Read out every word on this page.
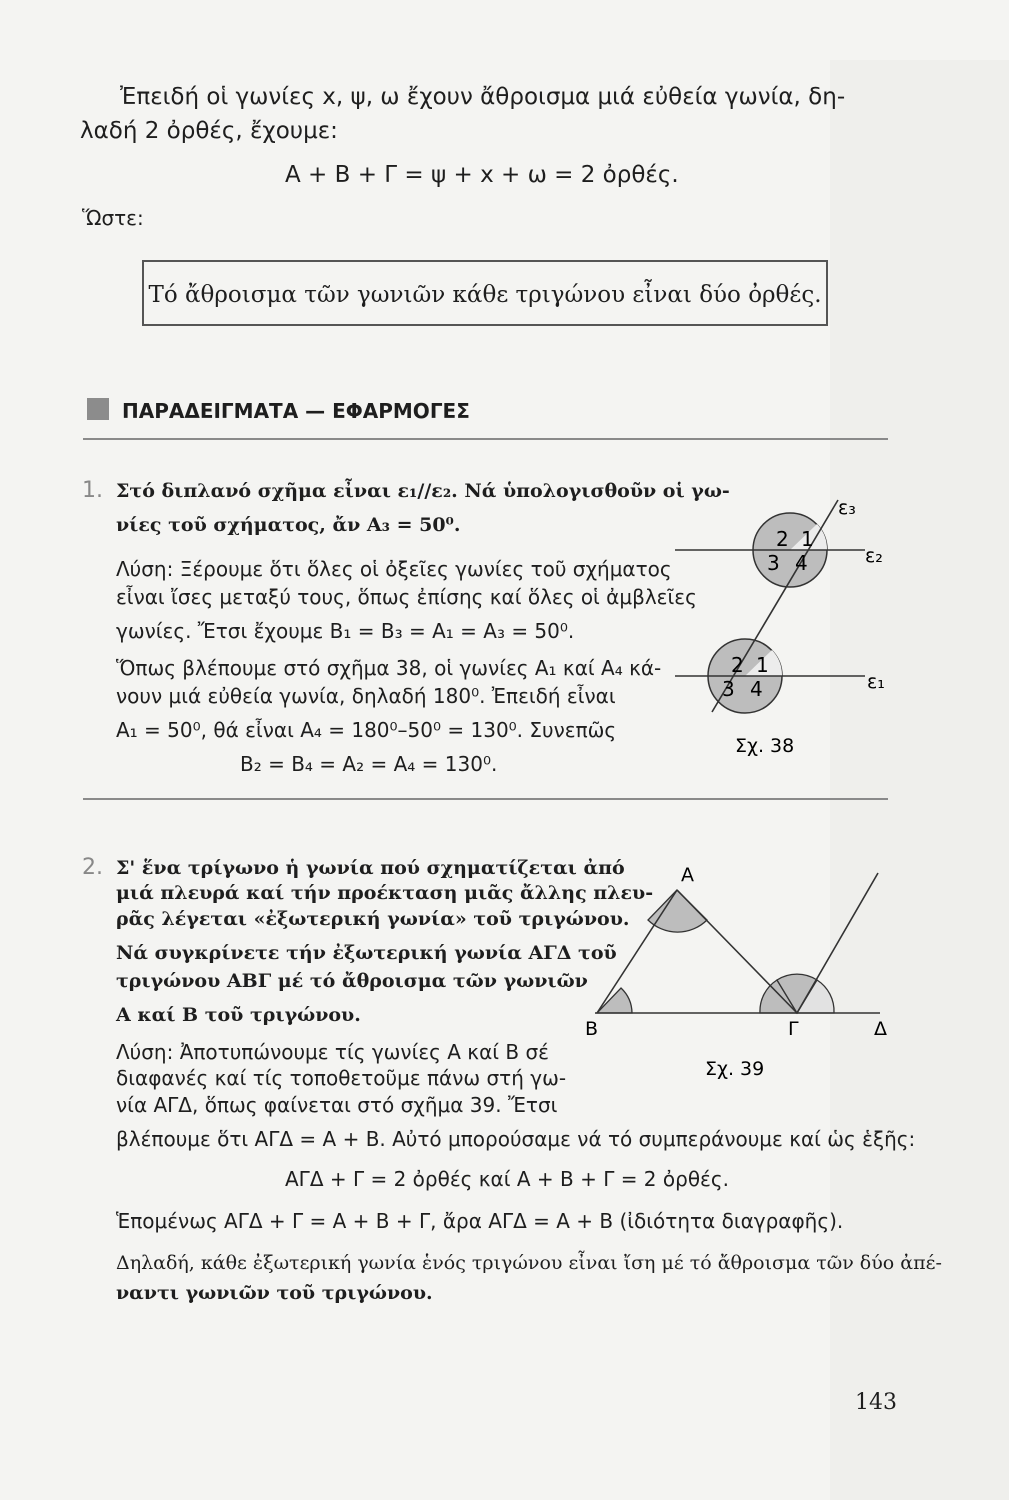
Ἐπειδή οἱ γωνίες x, ψ, ω ἔχουν ἄθροισμα μιά εὐθεία γωνία, δη-
λαδή 2 ὀρθές, ἔχουμε:
Α + Β + Γ = ψ + x + ω = 2 ὀρθές.
Ὥστε:
Τό ἄθροισμα τῶν γωνιῶν κάθε τριγώνου εἶναι δύο ὀρθές.
ΠΑΡΑΔΕΙΓΜΑΤΑ — ΕΦΑΡΜΟΓΕΣ
1. Στό διπλανό σχῆμα εἶναι ε₁//ε₂. Νά ὑπολογισθοῦν οἱ γω-
νίες τοῦ σχήματος, ἄν Α₃ = 50⁰.
Λύση: Ξέρουμε ὅτι ὅλες οἱ ὀξεῖες γωνίες τοῦ σχήματος
εἶναι ἴσες μεταξύ τους, ὅπως ἐπίσης καί ὅλες οἱ ἀμβλεῖες
γωνίες. Ἔτσι ἔχουμε Β₁ = Β₃ = Α₁ = Α₃ = 50⁰.
Ὅπως βλέπουμε στό σχῆμα 38, οἱ γωνίες Α₁ καί Α₄ κά-
νουν μιά εὐθεία γωνία, δηλαδή 180⁰. Ἐπειδή εἶναι
Α₁ = 50⁰, θά εἶναι Α₄ = 180⁰–50⁰ = 130⁰. Συνεπῶς
Β₂ = Β₄ = Α₂ = Α₄ = 130⁰.
2 1
3 4
2 1
3 4
ε₃
ε₂
ε₁
Σχ. 38
2. Σ' ἕνα τρίγωνο ἡ γωνία πού σχηματίζεται ἀπό
μιά πλευρά καί τήν προέκταση μιᾶς ἄλλης πλευ-
ρᾶς λέγεται «ἐξωτερική γωνία» τοῦ τριγώνου.
Νά συγκρίνετε τήν ἐξωτερική γωνία ΑΓΔ τοῦ
τριγώνου ΑΒΓ μέ τό ἄθροισμα τῶν γωνιῶν
Α καί Β τοῦ τριγώνου.
Λύση: Ἀποτυπώνουμε τίς γωνίες Α καί Β σέ
διαφανές καί τίς τοποθετοῦμε πάνω στή γω-
νία ΑΓΔ, ὅπως φαίνεται στό σχῆμα 39. Ἔτσι
βλέπουμε ὅτι ΑΓΔ = Α + Β. Αὐτό μπορούσαμε νά τό συμπεράνουμε καί ὡς ἑξῆς:
ΑΓΔ + Γ = 2 ὀρθές καί Α + Β + Γ = 2 ὀρθές.
Ἑπομένως ΑΓΔ + Γ = Α + Β + Γ, ἄρα ΑΓΔ = Α + Β (ἰδιότητα διαγραφῆς).
Δηλαδή, κάθε ἐξωτερική γωνία ἑνός τριγώνου εἶναι ἴση μέ τό ἄθροισμα τῶν δύο ἀπέ-
ναντι γωνιῶν τοῦ τριγώνου.
Α
Β	Γ	Δ
Σχ. 39
143
